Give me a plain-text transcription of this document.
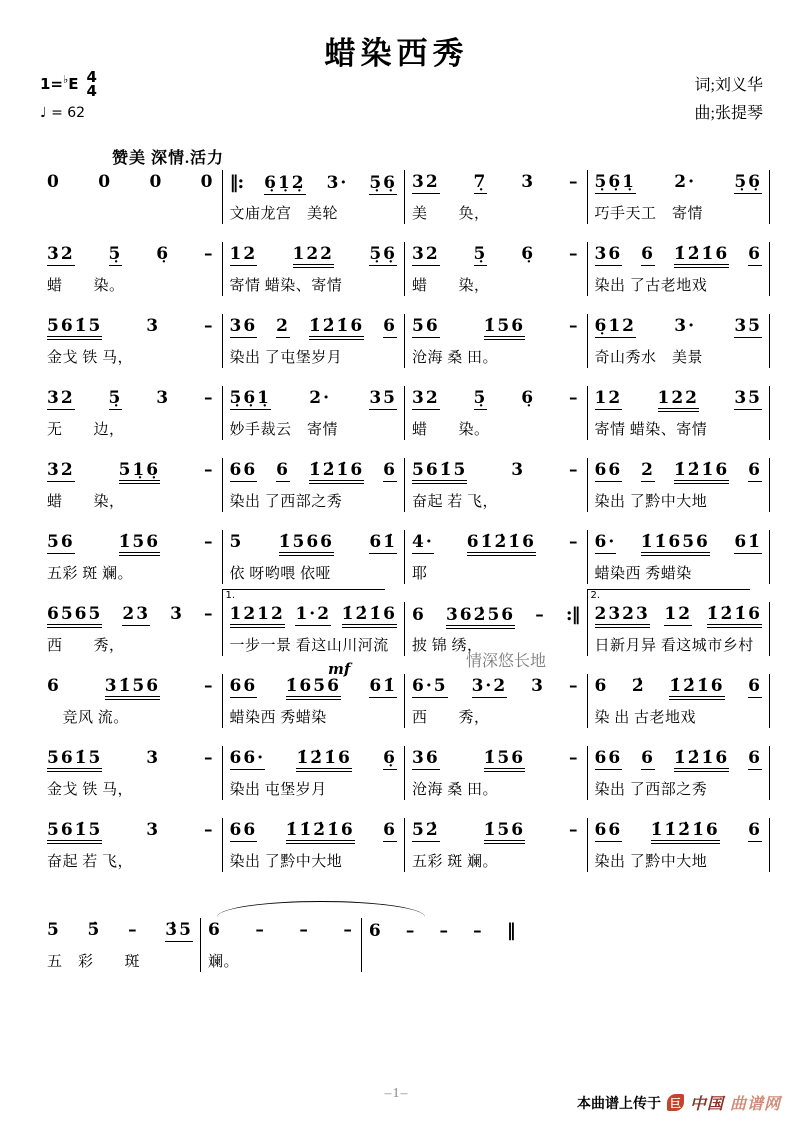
蜡染西秀
1= ♭ E 4
4
♩ = 62
词;刘义华
曲;张提琴
赞美 深情.活力
0 0 0 0 ‖: 6̣1̣2̣ 3· 5̣6̣
文庙龙宫　美轮
32 7̣ 3 –
美　　奂，
5̣6̣1̣ 2· 5̣6̣
巧手天工　寄情
32 5̣ 6̣ –
蜡　　染。
12 122 5̣6̣
寄情 蜡染、寄情
32 5̣ 6̣ –
蜡　　染，
36 6 1̇2̇1̇6 6
染出 了古老地戏
561̇5	3	–
金戈 铁 马，
36 2 1̇2̇1̇6 6
染出 了屯堡岁月
56	1̇56	–
沧海 桑 田。
6̣12 3· 35
奇山秀水　美景
32 5̣ 3 –
无　　边，
5̣6̣1̣ 2· 35
妙手裁云　寄情
32 5̣ 6̣ –
蜡　　染。
12 122 35
寄情 蜡染、寄情
32	51̣6̣	–
蜡　　染，
66 6 1̇2̇1̇6 6
染出 了西部之秀
561̇5	3	–
奋起 若 飞，
66 2 1̇2̇1̇6 6
染出 了黔中大地
56	1̇56	–
五彩 斑 斓。
5 1̇566 61̇
依 呀哟喂 依哑
4· 61̇2̇1̇6 –
耶
6· 1̇1̇656 61̇
蜡染西 秀蜡染
6565 23 3 –
西　　秀，
1.
1212 1·2 1̇2̇1̇6
一步一景 看这山川河流
6 362̇56 – :‖
披 锦 绣，
2.
2323 12 1̇2̇1̇6
日新月异 看这城市乡村
6	31̇56	–
　竞风 流。
66 1̇656 61̇
蜡染西 秀蜡染
6·5 3·2 3 –
西　　秀，
6 2̇ 1̇2̇1̇6 6
染 出 古老地戏
561̇5	3	–
金戈 铁 马，
66· 1̇2̇1̇6 6̣
染出 屯堡岁月
36	1̇56	–
沧海 桑 田。
66 6 1̇2̇1̇6 6
染出 了西部之秀
561̇5	3	–
奋起 若 飞，
66 1̇1̇2̇1̇6 6
染出 了黔中大地
52̇	1̇56	–
五彩 斑 斓。
66 1̇1̇2̇1̇6 6
染出 了黔中大地
5 5̇ – 3̇5
五　彩　　斑
6 – – –
斓。
6 – – – ‖
mf	情深悠长地
–1–
本曲谱上传于 巨 中国 曲谱网
